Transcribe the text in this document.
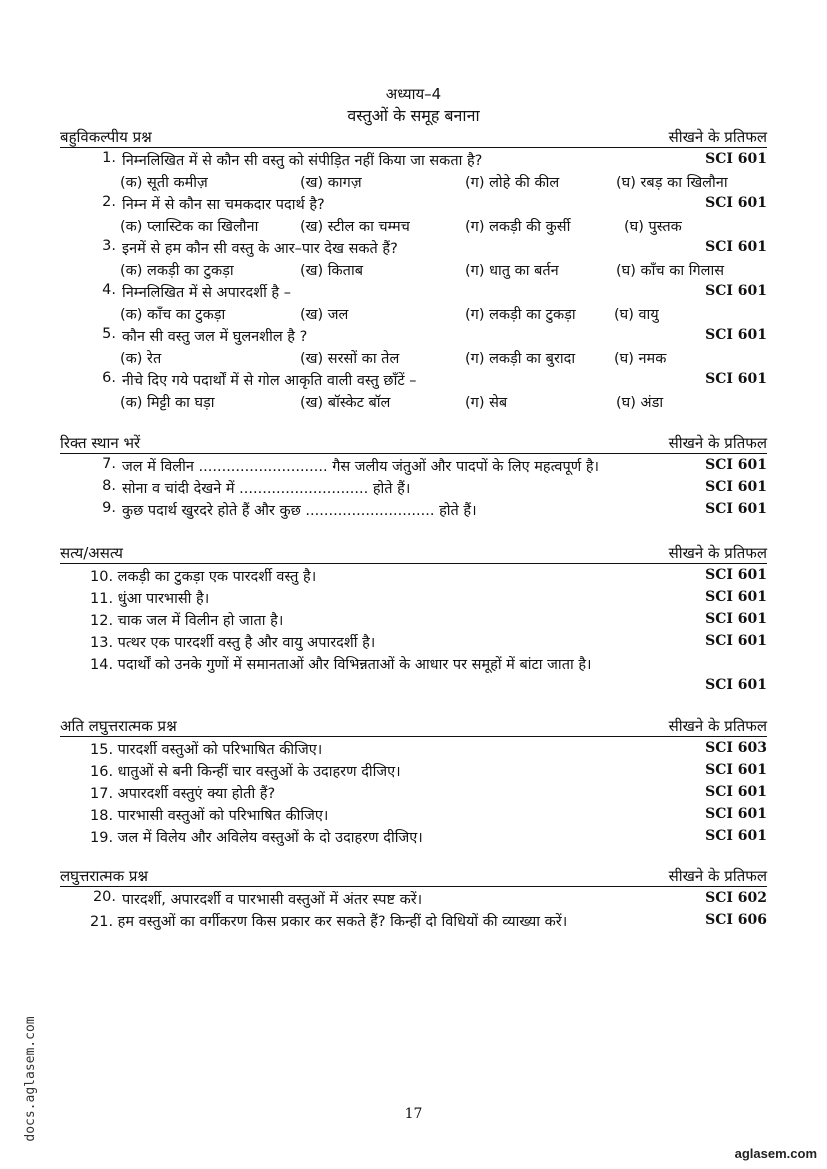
अध्याय–4
वस्तुओं के समूह बनाना
बहुविकल्पीय प्रश्न	सीखने के प्रतिफल
1. निम्नलिखित में से कौन सी वस्तु को संपीड़ित नहीं किया जा सकता है?	SCI 601
(क) सूती कमीज़	(ख) कागज़	(ग) लोहे की कील	(घ) रबड़ का खिलौना
2. निम्न में से कौन सा चमकदार पदार्थ है?	SCI 601
(क) प्लास्टिक का खिलौना	(ख) स्टील का चम्मच	(ग) लकड़ी की कुर्सी	(घ) पुस्तक
3. इनमें से हम कौन सी वस्तु के आर–पार देख सकते हैं?	SCI 601
(क) लकड़ी का टुकड़ा	(ख) किताब	(ग) धातु का बर्तन	(घ) काँच का गिलास
4. निम्नलिखित में से अपारदर्शी है –	SCI 601
(क) काँच का टुकड़ा	(ख) जल	(ग) लकड़ी का टुकड़ा	(घ) वायु
5. कौन सी वस्तु जल में घुलनशील है ?	SCI 601
(क) रेत	(ख) सरसों का तेल	(ग) लकड़ी का बुरादा	(घ) नमक
6. नीचे दिए गये पदार्थों में से गोल आकृति वाली वस्तु छाँटें –	SCI 601
(क) मिट्टी का घड़ा	(ख) बॉस्केट बॉल	(ग) सेब	(घ) अंडा
रिक्त स्थान भरें	सीखने के प्रतिफल
7. जल में विलीन ............................ गैस जलीय जंतुओं और पादपों के लिए महत्वपूर्ण है।	SCI 601
8. सोना व चांदी देखने में ............................ होते हैं।	SCI 601
9. कुछ पदार्थ खुरदरे होते हैं और कुछ ............................ होते हैं।	SCI 601
सत्य/असत्य	सीखने के प्रतिफल
10. लकड़ी का टुकड़ा एक पारदर्शी वस्तु है।	SCI 601
11. धुंआ पारभासी है।	SCI 601
12. चाक जल में विलीन हो जाता है।	SCI 601
13. पत्थर एक पारदर्शी वस्तु है और वायु अपारदर्शी है।	SCI 601
14. पदार्थों को उनके गुणों में समानताओं और विभिन्नताओं के आधार पर समूहों में बांटा जाता है।
SCI 601
अति लघुत्तरात्मक प्रश्न	सीखने के प्रतिफल
15. पारदर्शी वस्तुओं को परिभाषित कीजिए।	SCI 603
16. धातुओं से बनी किन्हीं चार वस्तुओं के उदाहरण दीजिए।	SCI 601
17. अपारदर्शी वस्तुएं क्या होती हैं?	SCI 601
18. पारभासी वस्तुओं को परिभाषित कीजिए।	SCI 601
19. जल में विलेय और अविलेय वस्तुओं के दो उदाहरण दीजिए।	SCI 601
लघुत्तरात्मक प्रश्न	सीखने के प्रतिफल
20. पारदर्शी, अपारदर्शी व पारभासी वस्तुओं में अंतर स्पष्ट करें।	SCI 602
21. हम वस्तुओं का वर्गीकरण किस प्रकार कर सकते हैं? किन्हीं दो विधियों की व्याख्या करें।	SCI 606
17
docs.aglasem.com
aglasem.com
